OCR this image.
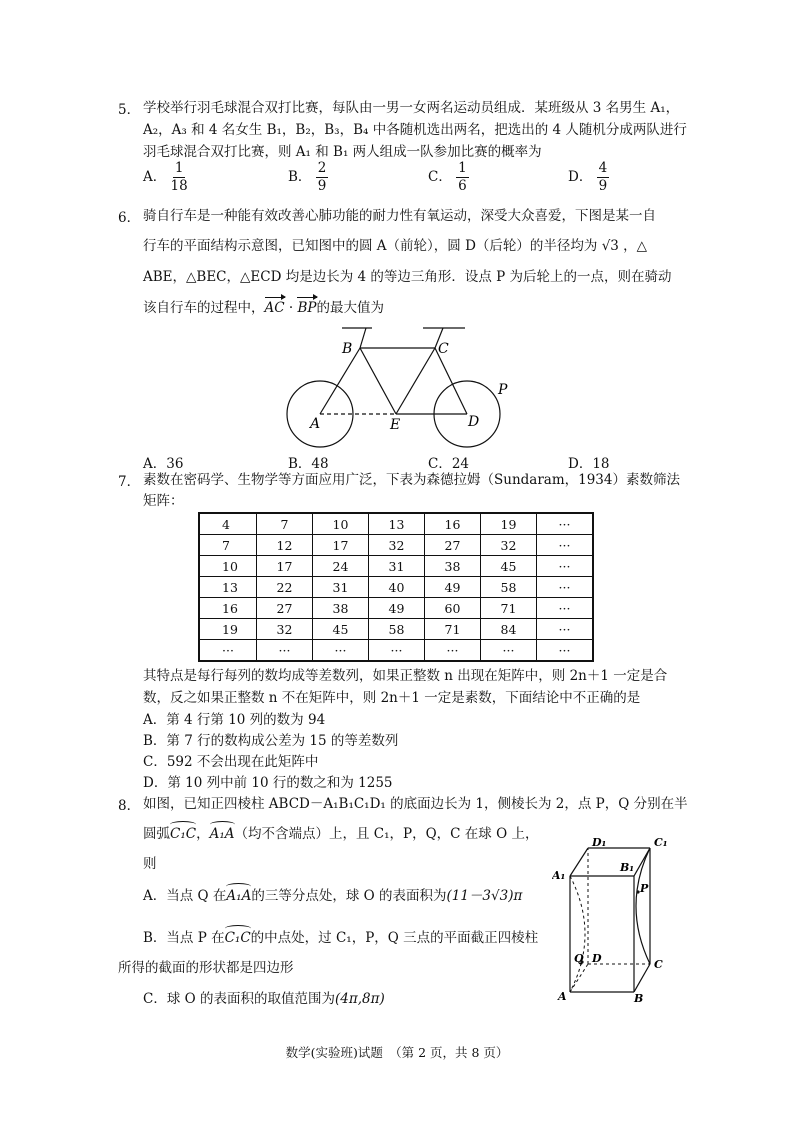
5． 学校举行羽毛球混合双打比赛，每队由一男一女两名运动员组成．某班级从 3 名男生 A₁，
A₂，A₃ 和 4 名女生 B₁，B₂，B₃，B₄ 中各随机选出两名，把选出的 4 人随机分成两队进行
羽毛球混合双打比赛，则 A₁ 和 B₁ 两人组成一队参加比赛的概率为
A． $\frac{1}{18}$	B． $\frac{2}{9}$	C． $\frac{1}{6}$	D． $\frac{4}{9}$
6． 骑自行车是一种能有效改善心肺功能的耐力性有氧运动，深受大众喜爱，下图是某一自
行车的平面结构示意图，已知图中的圆 A（前轮），圆 D（后轮）的半径均为 √3 ，△
ABE，△BEC，△ECD 均是边长为 4 的等边三角形．设点 P 为后轮上的一点，则在骑动
该自行车的过程中，AC · BP的最大值为
B	C
A	E	D
P
A．36	B．48	C．24	D．18
7． 素数在密码学、生物学等方面应用广泛，下表为森德拉姆（Sundaram，1934）素数筛法
矩阵：
4	7	10	13	16	19	···
7	12	17	32	27	32	···
10	17	24	31	38	45	···
13	22	31	40	49	58	···
16	27	38	49	60	71	···
19	32	45	58	71	84	···
···	···	···	···	···	···	···
其特点是每行每列的数均成等差数列，如果正整数 n 出现在矩阵中，则 2n＋1 一定是合
数，反之如果正整数 n 不在矩阵中，则 2n＋1 一定是素数，下面结论中不正确的是
A．第 4 行第 10 列的数为 94
B．第 7 行的数构成公差为 15 的等差数列
C．592 不会出现在此矩阵中
D．第 10 列中前 10 行的数之和为 1255
8． 如图，已知正四棱柱 ABCD－A₁B₁C₁D₁ 的底面边长为 1，侧棱长为 2，点 P，Q 分别在半
圆弧C₁C，A₁A（均不含端点）上，且 C₁，P，Q，C 在球 O 上，
则
A．当点 Q 在A₁A的三等分点处，球 O 的表面积为(11－3√3)π
B．当点 P 在C₁C的中点处，过 C₁，P，Q 三点的平面截正四棱柱
所得的截面的形状都是四边形
C．球 O 的表面积的取值范围为(4π,8π)
D₁	C₁
A₁
B₁
P
Q D	C
A	B
数学(实验班)试题　（第 2 页，共 8 页）
